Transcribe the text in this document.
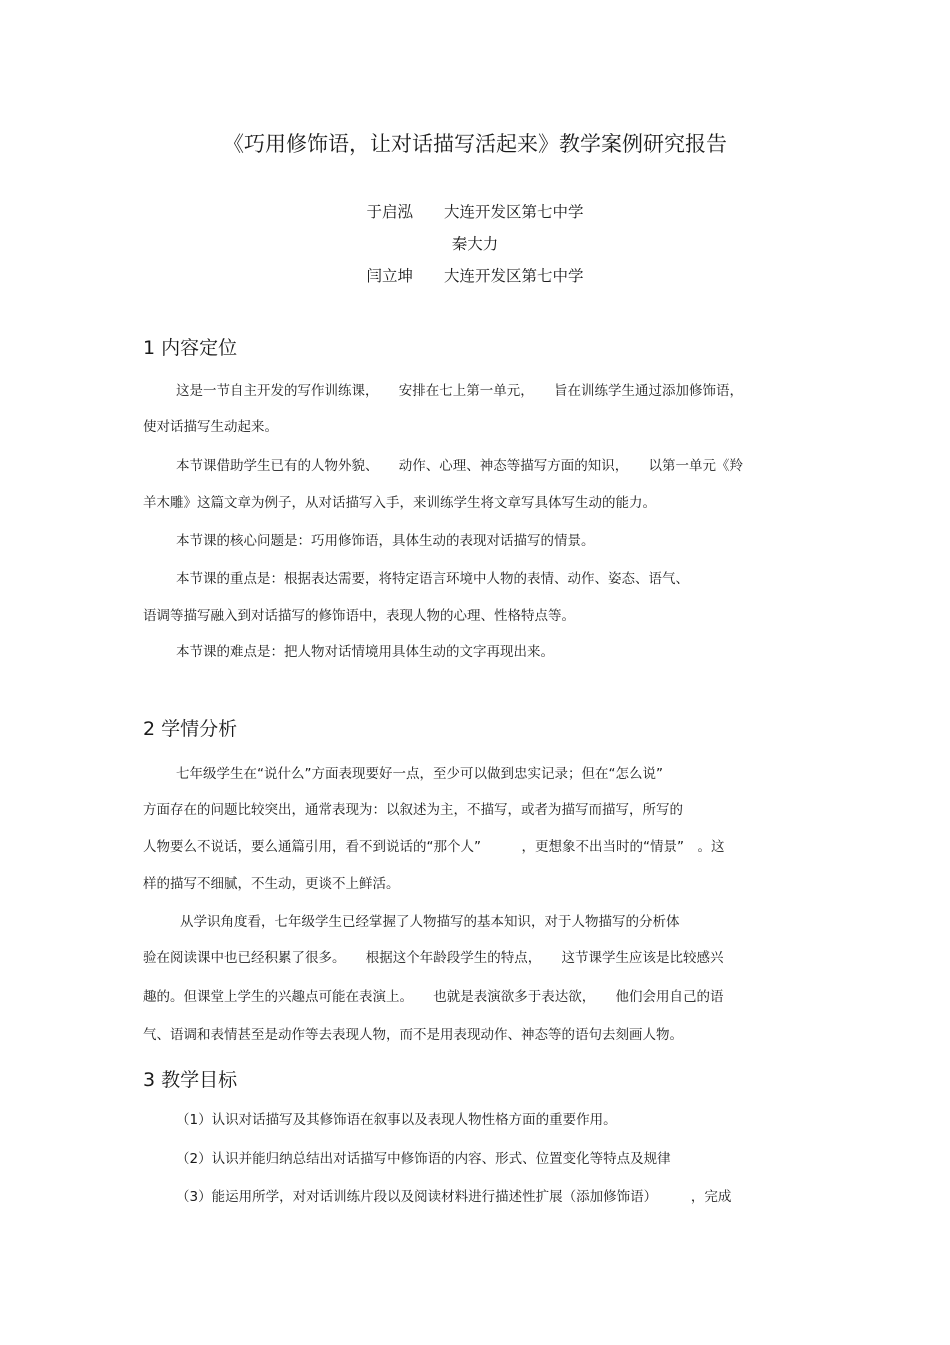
《巧用修饰语，让对话描写活起来》教学案例研究报告
于启泓　　大连开发区第七中学
秦大力
闫立坤　　大连开发区第七中学
1 内容定位
这是一节自主开发的写作训练课，　　安排在七上第一单元，　　旨在训练学生通过添加修饰语，
使对话描写生动起来。
本节课借助学生已有的人物外貌、　　动作、心理、神态等描写方面的知识，　　以第一单元《羚
羊木雕》这篇文章为例子，从对话描写入手，来训练学生将文章写具体写生动的能力。
本节课的核心问题是：巧用修饰语，具体生动的表现对话描写的情景。
本节课的重点是：根据表达需要，将特定语言环境中人物的表情、动作、姿态、语气、
语调等描写融入到对话描写的修饰语中，表现人物的心理、性格特点等。
本节课的难点是：把人物对话情境用具体生动的文字再现出来。
2 学情分析
七年级学生在“说什么”方面表现要好一点，至少可以做到忠实记录；但在“怎么说”
方面存在的问题比较突出，通常表现为：以叙述为主，不描写，或者为描写而描写，所写的
人物要么不说话，要么通篇引用，看不到说话的“那个人”　　　，更想象不出当时的“情景”　。这
样的描写不细腻，不生动，更谈不上鲜活。
从学识角度看，七年级学生已经掌握了人物描写的基本知识，对于人物描写的分析体
验在阅读课中也已经积累了很多。　　根据这个年龄段学生的特点，　　这节课学生应该是比较感兴
趣的。但课堂上学生的兴趣点可能在表演上。　　也就是表演欲多于表达欲，　　他们会用自己的语
气、语调和表情甚至是动作等去表现人物，而不是用表现动作、神态等的语句去刻画人物。
3 教学目标
（1）认识对话描写及其修饰语在叙事以及表现人物性格方面的重要作用。
（2）认识并能归纳总结出对话描写中修饰语的内容、形式、位置变化等特点及规律
（3）能运用所学，对对话训练片段以及阅读材料进行描述性扩展（添加修饰语）　　　，完成
